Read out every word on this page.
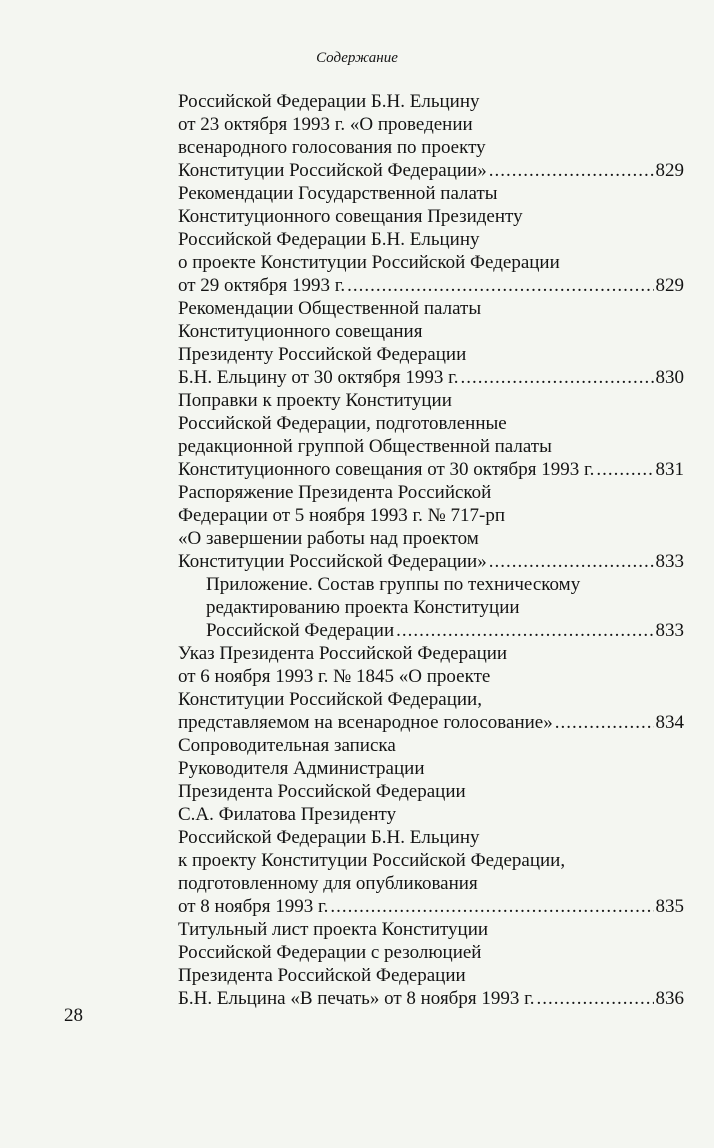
Содержание
Российской Федерации Б.Н. Ельцину
от 23 октября 1993 г. «О проведении
всенародного голосования по проекту
Конституции Российской Федерации» .....	829
Рекомендации Государственной палаты
Конституционного совещания Президенту
Российской Федерации Б.Н. Ельцину
о проекте Конституции Российской Федерации
от 29 октября 1993 г. .....	829
Рекомендации Общественной палаты
Конституционного совещания
Президенту Российской Федерации
Б.Н. Ельцину от 30 октября 1993 г. .....	830
Поправки к проекту Конституции
Российской Федерации, подготовленные
редакционной группой Общественной палаты
Конституционного совещания от 30 октября 1993 г. .....	831
Распоряжение Президента Российской
Федерации от 5 ноября 1993 г. № 717-рп
«О завершении работы над проектом
Конституции Российской Федерации» .....	833
Приложение. Состав группы по техническому
редактированию проекта Конституции
Российской Федерации .....	833
Указ Президента Российской Федерации
от 6 ноября 1993 г. № 1845 «О проекте
Конституции Российской Федерации,
представляемом на всенародное голосование» .....	834
Сопроводительная записка
Руководителя Администрации
Президента Российской Федерации
С.А. Филатова Президенту
Российской Федерации Б.Н. Ельцину
к проекту Конституции Российской Федерации,
подготовленному для опубликования
от 8 ноября 1993 г. .....	835
Титульный лист проекта Конституции
Российской Федерации с резолюцией
Президента Российской Федерации
Б.Н. Ельцина «В печать» от 8 ноября 1993 г. .....	836
28
